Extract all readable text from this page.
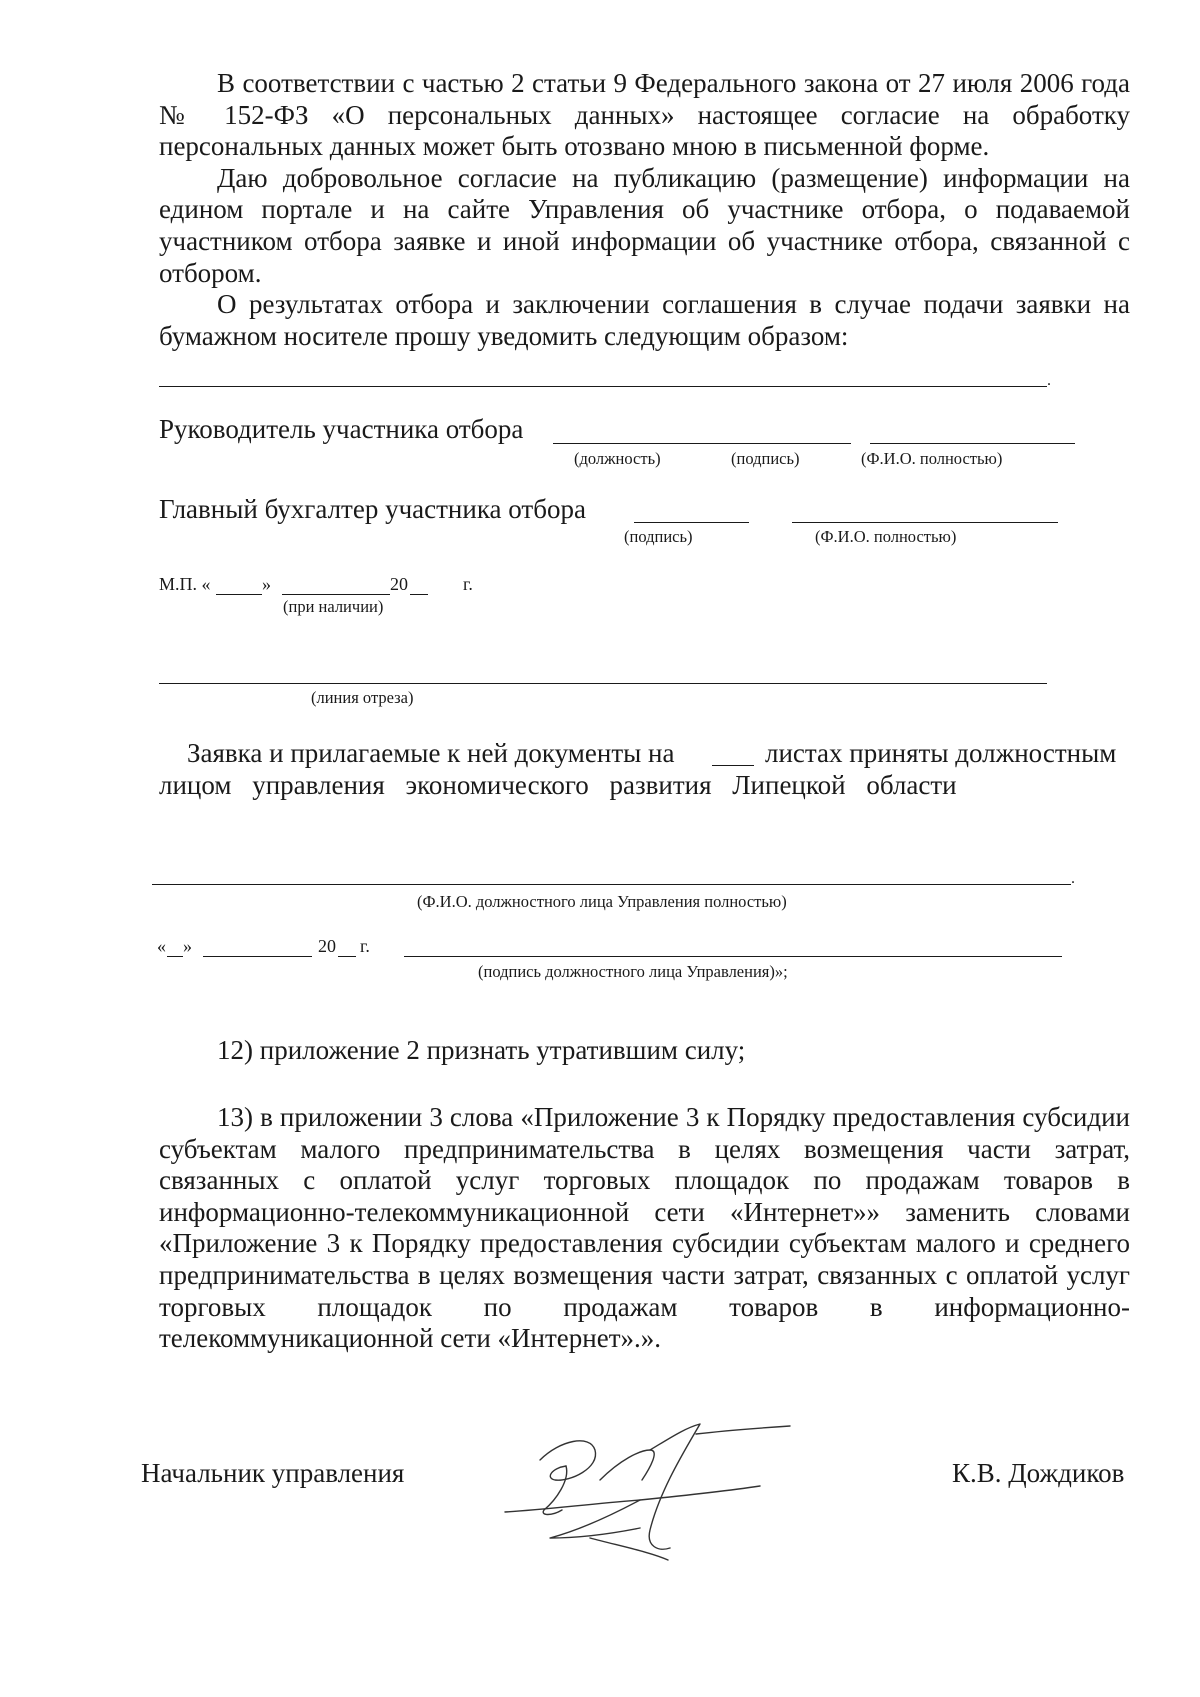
В соответствии с частью 2 статьи 9 Федерального закона от 27 июля 2006 года № 152-ФЗ «О персональных данных» настоящее согласие на обработку персональных данных может быть отозвано мною в письменной форме.

Даю добровольное согласие на публикацию (размещение) информации на едином портале и на сайте Управления об участнике отбора, о подаваемой участником отбора заявке и иной информации об участнике отбора, связанной с отбором.

О результатах отбора и заключении соглашения в случае подачи заявки на бумажном носителе прошу уведомить следующим образом:

.
Руководитель участника отбора
(должность)	(подпись)	(Ф.И.О. полностью)
Главный бухгалтер участника отбора
(подпись)	(Ф.И.О. полностью)
М.П. «	»	20	г.
(при наличии)
(линия отреза)
Заявка и прилагаемые к ней документы на	листах приняты должностным
лицом управления экономического развития Липецкой области
.
(Ф.И.О. должностного лица Управления полностью)
« »	20 г.
(подпись должностного лица Управления)»;
12) приложение 2 признать утратившим силу;

13) в приложении 3 слова «Приложение 3 к Порядку предоставления субсидии субъектам малого предпринимательства в целях возмещения части затрат, связанных с оплатой услуг торговых площадок по продажам товаров в информационно-телекоммуникационной сети «Интернет»» заменить словами «Приложение 3 к Порядку предоставления субсидии субъектам малого и среднего предпринимательства в целях возмещения части затрат, связанных с оплатой услуг торговых площадок по продажам товаров в информационно-телекоммуникационной сети «Интернет».».

Начальник управления	К.В. Дождиков
